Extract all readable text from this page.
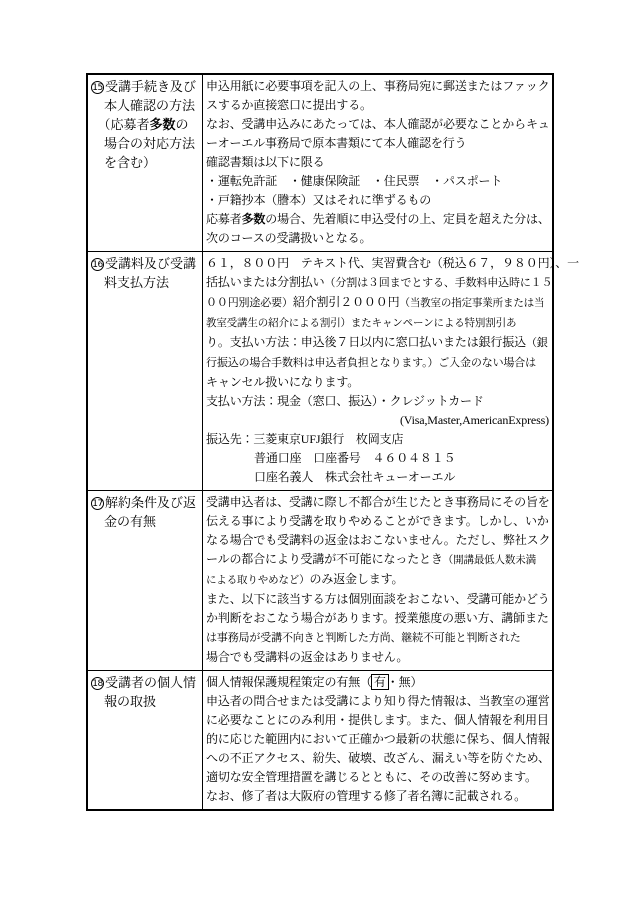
15 受講手続き及び
本人確認の方法
（応募者多数の
場合の対応方法
を含む）

申込用紙に必要事項を記入の上、事務局宛に郵送またはファック
スするか直接窓口に提出する。
なお、受講申込みにあたっては、本人確認が必要なことからキュ
ーオーエル事務局で原本書類にて本人確認を行う
確認書類は以下に限る
・運転免許証　・健康保険証　・住民票　・パスポート
・戸籍抄本（謄本）又はそれに準ずるもの
応募者多数の場合、先着順に申込受付の上、定員を超えた分は、
次のコースの受講扱いとなる。

16 受講料及び受講
料支払方法

６１，８００円　テキスト代、実習費含む（税込６７，９８０円）、一
括払いまたは分割払い（分割は３回までとする、手数料申込時に１５
００円別途必要）紹介割引２０００円（当教室の指定事業所または当
教室受講生の紹介による割引）またキャンペーンによる特別割引あ
り。支払い方法：申込後７日以内に窓口払いまたは銀行振込（銀
行振込の場合手数料は申込者負担となります。）ご入金のない場合は
キャンセル扱いになります。
支払い方法：現金（窓口、振込）・クレジットカード
(Visa,Master,AmericanExpress)
振込先：三菱東京UFJ銀行　枚岡支店
普通口座　口座番号　４６０４８１５
口座名義人　株式会社キューオーエル

17 解約条件及び返
金の有無

受講申込者は、受講に際し不都合が生じたとき事務局にその旨を
伝える事により受講を取りやめることができます。しかし、いか
なる場合でも受講料の返金はおこないません。ただし、弊社スク
ールの都合により受講が不可能になったとき（開講最低人数未満
による取りやめなど）のみ返金します。
また、以下に該当する方は個別面談をおこない、受講可能かどう
か判断をおこなう場合があります。授業態度の悪い方、講師また
は事務局が受講不向きと判断した方尚、継続不可能と判断された
場合でも受講料の返金はありません。

18 受講者の個人情
報の取扱

個人情報保護規程策定の有無（ 有・無）
申込者の問合せまたは受講により知り得た情報は、当教室の運営
に必要なことにのみ利用・提供します。また、個人情報を利用目
的に応じた範囲内において正確かつ最新の状態に保ち、個人情報
への不正アクセス、紛失、破壊、改ざん、漏えい等を防ぐため、
適切な安全管理措置を講じるとともに、その改善に努めます。
なお、修了者は大阪府の管理する修了者名簿に記載される。
